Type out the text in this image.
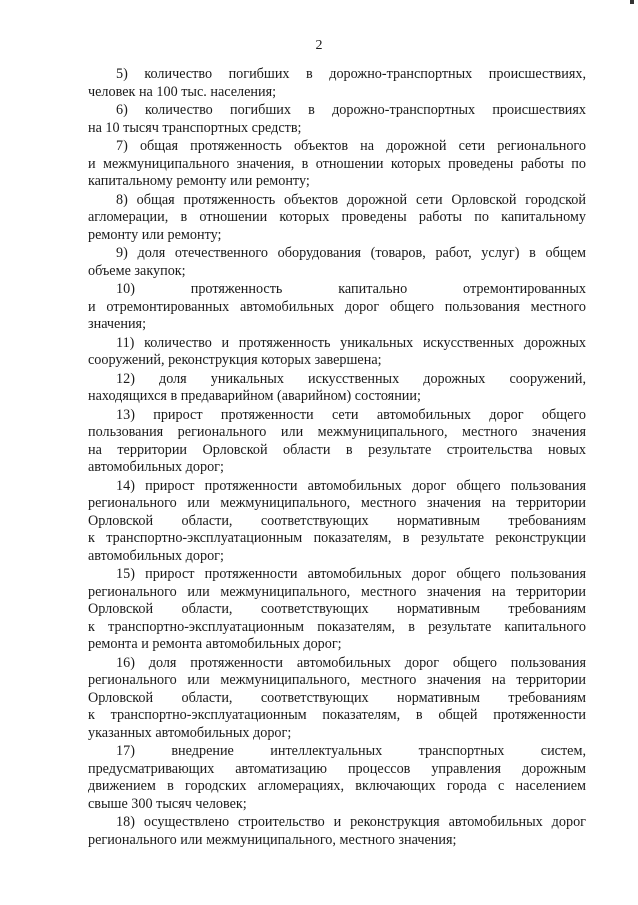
2
5) количество погибших в дорожно-транспортных происшествиях,
человек на 100 тыс. населения;
6) количество погибших в дорожно-транспортных происшествиях
на 10 тысяч транспортных средств;
7) общая протяженность объектов на дорожной сети регионального
и межмуниципального значения, в отношении которых проведены работы по
капитальному ремонту или ремонту;
8) общая протяженность объектов дорожной сети Орловской городской
агломерации, в отношении которых проведены работы по капитальному
ремонту или ремонту;
9) доля отечественного оборудования (товаров, работ, услуг) в общем
объеме закупок;
10) протяженность капитально отремонтированных
и отремонтированных автомобильных дорог общего пользования местного
значения;
11) количество и протяженность уникальных искусственных дорожных
сооружений, реконструкция которых завершена;
12) доля уникальных искусственных дорожных сооружений,
находящихся в предаварийном (аварийном) состоянии;
13) прирост протяженности сети автомобильных дорог общего
пользования регионального или межмуниципального, местного значения
на территории Орловской области в результате строительства новых
автомобильных дорог;
14) прирост протяженности автомобильных дорог общего пользования
регионального или межмуниципального, местного значения на территории
Орловской области, соответствующих нормативным требованиям
к транспортно-эксплуатационным показателям, в результате реконструкции
автомобильных дорог;
15) прирост протяженности автомобильных дорог общего пользования
регионального или межмуниципального, местного значения на территории
Орловской области, соответствующих нормативным требованиям
к транспортно-эксплуатационным показателям, в результате капитального
ремонта и ремонта автомобильных дорог;
16) доля протяженности автомобильных дорог общего пользования
регионального или межмуниципального, местного значения на территории
Орловской области, соответствующих нормативным требованиям
к транспортно-эксплуатационным показателям, в общей протяженности
указанных автомобильных дорог;
17) внедрение интеллектуальных транспортных систем,
предусматривающих автоматизацию процессов управления дорожным
движением в городских агломерациях, включающих города с населением
свыше 300 тысяч человек;
18) осуществлено строительство и реконструкция автомобильных дорог
регионального или межмуниципального, местного значения;
